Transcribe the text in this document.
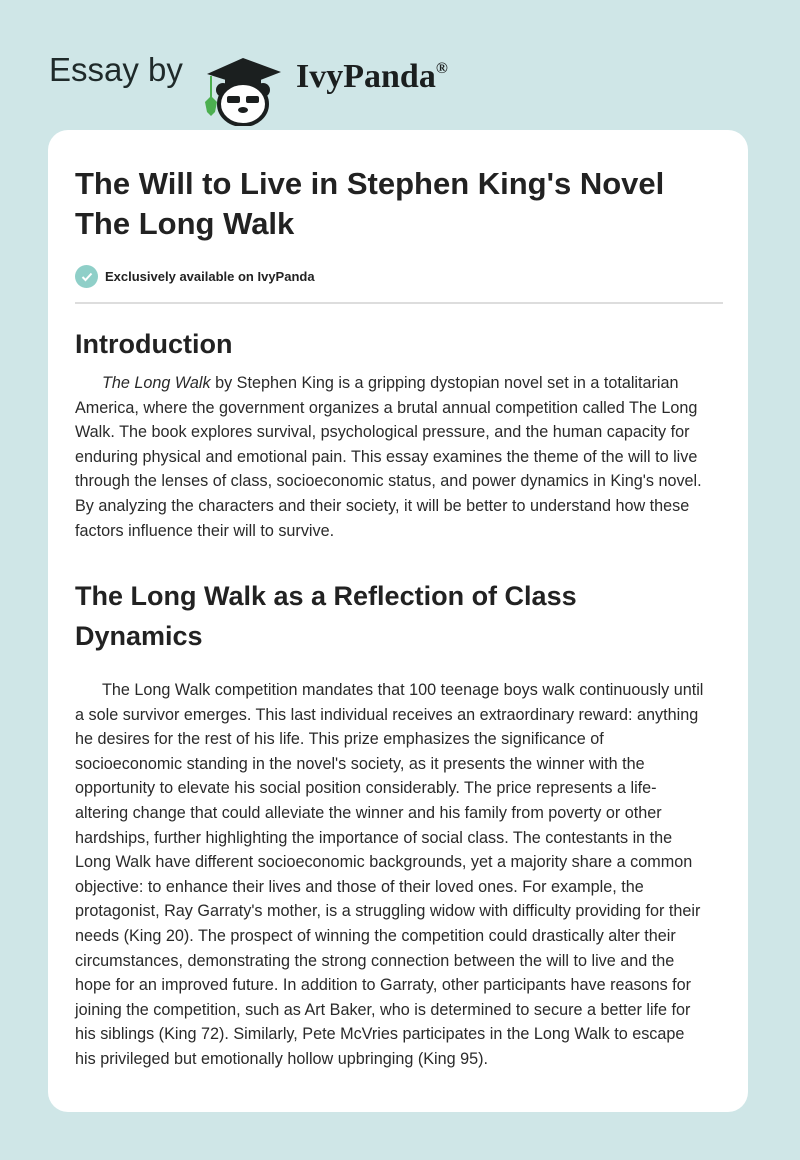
Essay by	IvyPanda®
The Will to Live in Stephen King's Novel
The Long Walk
Exclusively available on IvyPanda
Introduction

The Long Walk by Stephen King is a gripping dystopian novel set in a totalitarian
America, where the government organizes a brutal annual competition called The Long
Walk. The book explores survival, psychological pressure, and the human capacity for
enduring physical and emotional pain. This essay examines the theme of the will to live
through the lenses of class, socioeconomic status, and power dynamics in King's novel.
By analyzing the characters and their society, it will be better to understand how these
factors influence their will to survive.

The Long Walk as a Reflection of Class
Dynamics

The Long Walk competition mandates that 100 teenage boys walk continuously until
a sole survivor emerges. This last individual receives an extraordinary reward: anything
he desires for the rest of his life. This prize emphasizes the significance of
socioeconomic standing in the novel's society, as it presents the winner with the
opportunity to elevate his social position considerably. The price represents a life-
altering change that could alleviate the winner and his family from poverty or other
hardships, further highlighting the importance of social class. The contestants in the
Long Walk have different socioeconomic backgrounds, yet a majority share a common
objective: to enhance their lives and those of their loved ones. For example, the
protagonist, Ray Garraty's mother, is a struggling widow with difficulty providing for their
needs (King 20). The prospect of winning the competition could drastically alter their
circumstances, demonstrating the strong connection between the will to live and the
hope for an improved future. In addition to Garraty, other participants have reasons for
joining the competition, such as Art Baker, who is determined to secure a better life for
his siblings (King 72). Similarly, Pete McVries participates in the Long Walk to escape
his privileged but emotionally hollow upbringing (King 95).
